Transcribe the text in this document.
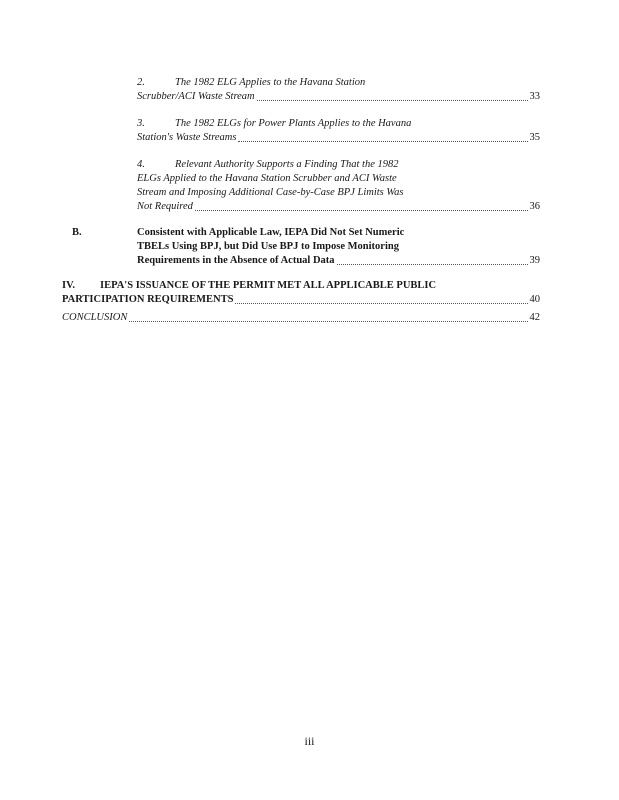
2.	The 1982 ELG Applies to the Havana Station
Scrubber/ACI Waste Stream	33
3.	The 1982 ELGs for Power Plants Applies to the Havana
Station's Waste Streams	35
4.	Relevant Authority Supports a Finding That the 1982
ELGs Applied to the Havana Station Scrubber and ACI Waste
Stream and Imposing Additional Case-by-Case BPJ Limits Was
Not Required	36
B.	Consistent with Applicable Law, IEPA Did Not Set Numeric
TBELs Using BPJ, but Did Use BPJ to Impose Monitoring
Requirements in the Absence of Actual Data	39
IV.	IEPA'S ISSUANCE OF THE PERMIT MET ALL APPLICABLE PUBLIC
PARTICIPATION REQUIREMENTS	40
CONCLUSION	42
iii
